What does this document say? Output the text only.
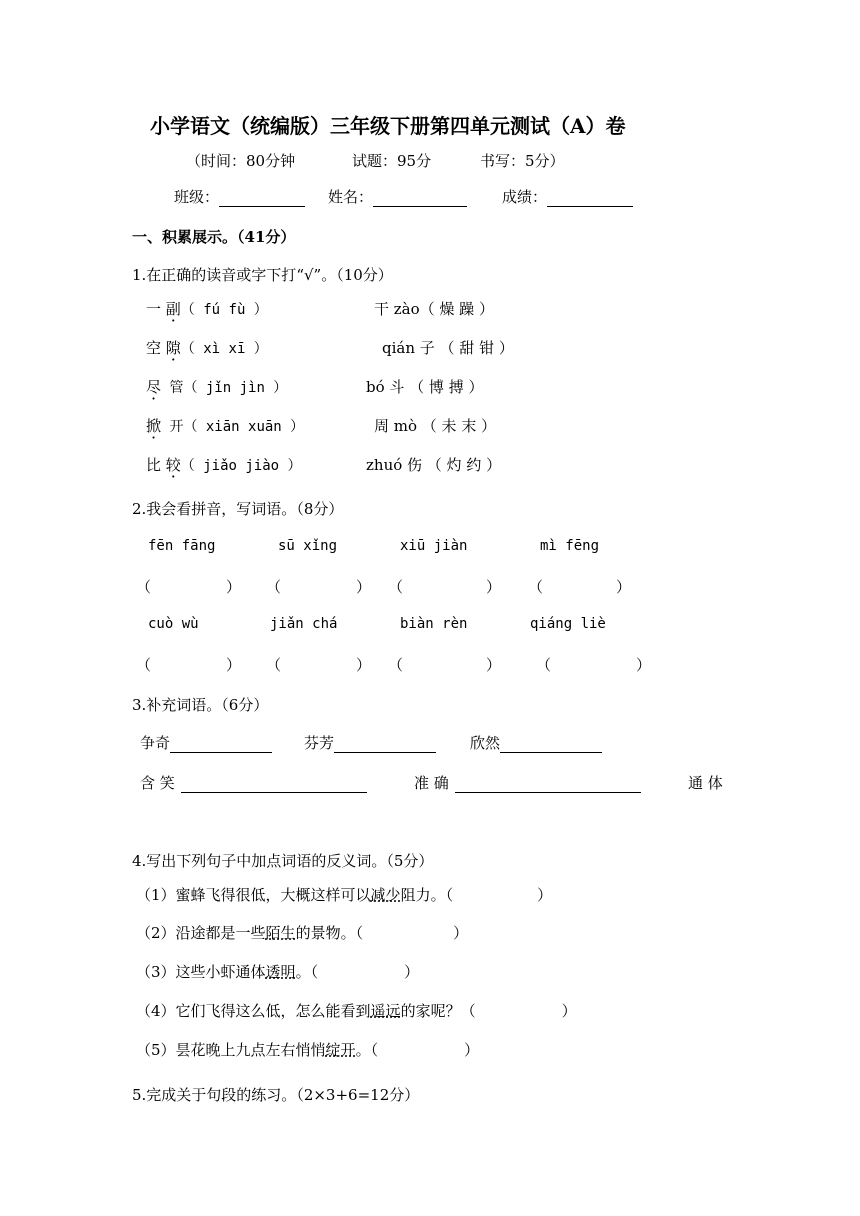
小学语文（统编版）三年级下册第四单元测试（A）卷
（时间：80分钟	试题：95分	书写：5分）
班级：	姓名：	成绩：
一、积累展示。（41分）
1.在正确的读音或字下打“√”。（10分）
一 副（ fú fù ）	干 zào（ 燥 躁 ）
空 隙（ xì xī ）	qián 子 （ 甜 钳 ）
尽 管（ jǐn jìn ）	bó 斗 （ 博 搏 ）
掀 开（ xiān xuān ）	周 mò （ 未 末 ）
比 较（ jiǎo jiào ）	zhuó 伤 （ 灼 约 ）
2.我会看拼音，写词语。（8分）
fēn fāng	sū xǐng	xiū jiàn	mì fēng
（	） （	） （	） （	）
cuò wù	jiǎn chá	biàn rèn	qiáng liè
（	） （	） （	） （	）
3.补充词语。（6分）
争奇	芬芳	欣然
含 笑	准 确	通 体
4.写出下列句子中加点词语的反义词。（5分）
（1）蜜蜂飞得很低，大概这样可以减少阻力。（	）
（2）沿途都是一些陌生的景物。（	）
（3）这些小虾通体透明。（	）
（4）它们飞得这么低，怎么能看到遥远的家呢？（	）
（5）昙花晚上九点左右悄悄绽开。（	）
5.完成关于句段的练习。（2×3+6=12分）
